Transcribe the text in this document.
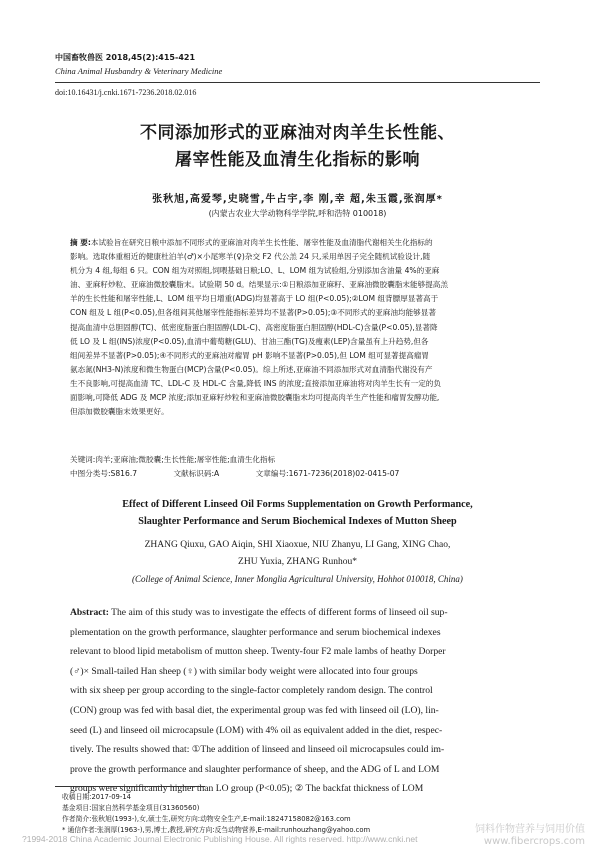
中国畜牧兽医 2018,45(2):415-421
China Animal Husbandry & Veterinary Medicine
doi:10.16431/j.cnki.1671-7236.2018.02.016
不同添加形式的亚麻油对肉羊生长性能、
屠宰性能及血清生化指标的影响
张秋旭,高爱琴,史晓雪,牛占宇,李 刚,幸 超,朱玉霞,张润厚*
(内蒙古农业大学动物科学学院,呼和浩特 010018)
摘 要:本试验旨在研究日粮中添加不同形式的亚麻油对肉羊生长性能、屠宰性能及血清脂代谢相关生化指标的
影响。选取体重相近的健康杜泊羊(♂)×小尾寒羊(♀)杂交 F2 代公羔 24 只,采用单因子完全随机试验设计,随
机分为 4 组,每组 6 只。CON 组为对照组,饲喂基础日粮;LO、L、LOM 组为试验组,分别添加含油量 4%的亚麻
油、亚麻籽炒粒、亚麻油微胶囊脂末。试验期 50 d。结果显示:①日粮添加亚麻籽、亚麻油微胶囊脂末能够提高羔
羊的生长性能和屠宰性能,L、LOM 组平均日增重(ADG)均显著高于 LO 组(P<0.05);②LOM 组背膘厚显著高于
CON 组及 L 组(P<0.05),但各组间其他屠宰性能指标差异均不显著(P>0.05);③不同形式的亚麻油均能够显著
提高血清中总胆固醇(TC)、低密度脂蛋白胆固醇(LDL-C)、高密度脂蛋白胆固醇(HDL-C)含量(P<0.05),显著降
低 LO 及 L 组(INS)浓度(P<0.05),血清中葡萄糖(GLU)、甘油三酯(TG)及瘦素(LEP)含量虽有上升趋势,但各
组间差异不显著(P>0.05);④不同形式的亚麻油对瘤胃 pH 影响不显著(P>0.05),但 LOM 组可显著提高瘤胃
氨态氮(NH3-N)浓度和微生物蛋白(MCP)含量(P<0.05)。综上所述,亚麻油不同添加形式对血清脂代谢没有产
生不良影响,可提高血清 TC、LDL-C 及 HDL-C 含量,降低 INS 的浓度;直接添加亚麻油将对肉羊生长有一定的负
面影响,可降低 ADG 及 MCP 浓度;添加亚麻籽炒粒和亚麻油微胶囊脂末均可提高肉羊生产性能和瘤胃发酵功能,
但添加微胶囊脂末效果更好。
关键词:肉羊;亚麻油;微胶囊;生长性能;屠宰性能;血清生化指标
中图分类号:S816.7	文献标识码:A	文章编号:1671-7236(2018)02-0415-07
Effect of Different Linseed Oil Forms Supplementation on Growth Performance,
Slaughter Performance and Serum Biochemical Indexes of Mutton Sheep
ZHANG Qiuxu, GAO Aiqin, SHI Xiaoxue, NIU Zhanyu, LI Gang, XING Chao,
ZHU Yuxia, ZHANG Runhou*
(College of Animal Science, Inner Monglia Agricultural University, Hohhot 010018, China)
Abstract: The aim of this study was to investigate the effects of different forms of linseed oil sup-
plementation on the growth performance, slaughter performance and serum biochemical indexes
relevant to blood lipid metabolism of mutton sheep. Twenty-four F2 male lambs of heathy Dorper
(♂)× Small-tailed Han sheep (♀) with similar body weight were allocated into four groups
with six sheep per group according to the single-factor completely random design. The control
(CON) group was fed with basal diet, the experimental group was fed with linseed oil (LO), lin-
seed (L) and linseed oil microcapsule (LOM) with 4% oil as equivalent added in the diet, respec-
tively. The results showed that: ①The addition of linseed and linseed oil microcapsules could im-
prove the growth performance and slaughter performance of sheep, and the ADG of L and LOM
groups were significantly higher than LO group (P<0.05); ② The backfat thickness of LOM
收稿日期:2017-09-14
基金项目:国家自然科学基金项目(31360560)
作者简介:张秋旭(1993-),女,硕士生,研究方向:动物安全生产,E-mail:18247158082@163.com
* 通信作者:张润厚(1963-),男,博士,教授,研究方向:反刍动物营养,E-mail:runhouzhang@yahoo.com
?1994-2018 China Academic Journal Electronic Publishing House. All rights reserved. http://www.cnki.net
饲料作物营养与饲用价值
www.fibercrops.com
